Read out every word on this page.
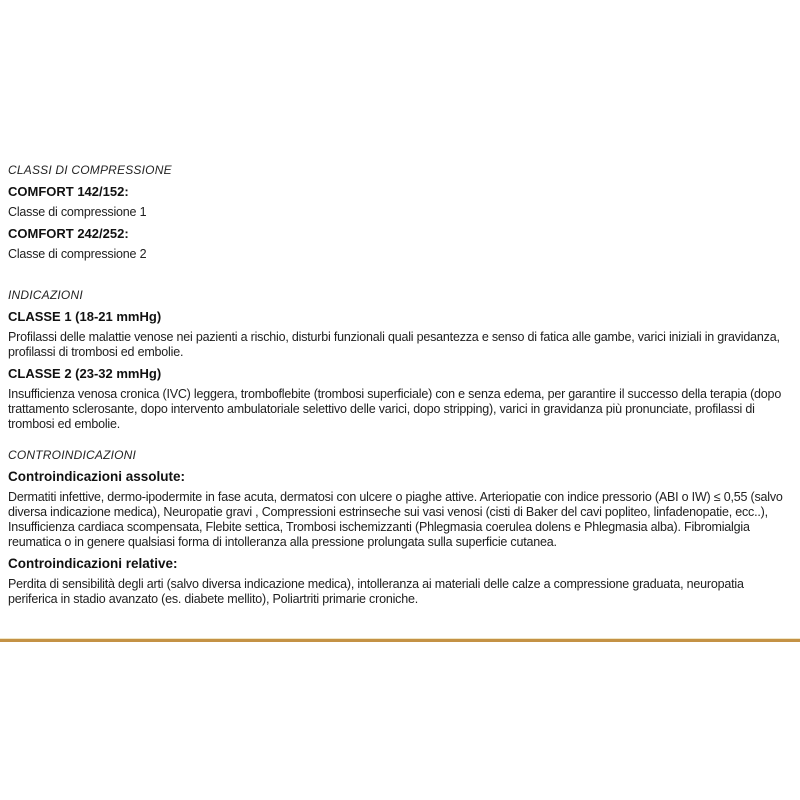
CLASSI DI COMPRESSIONE

COMFORT 142/152:

Classe di compressione 1

COMFORT 242/252:

Classe di compressione 2

INDICAZIONI

CLASSE 1 (18-21 mmHg)

Profilassi delle malattie venose nei pazienti a rischio, disturbi funzionali quali pesantezza e senso di fatica alle gambe, varici iniziali in gravidanza, profilassi di trombosi ed embolie.

CLASSE 2 (23-32 mmHg)

Insufficienza venosa cronica (IVC) leggera, tromboflebite (trombosi superficiale) con e senza edema, per garantire il successo della terapia (dopo trattamento sclerosante, dopo intervento ambulatoriale selettivo delle varici, dopo stripping), varici in gravidanza più pronunciate, profilassi di trombosi ed embolie.

CONTROINDICAZIONI

Controindicazioni assolute:

Dermatiti infettive, dermo-ipodermite in fase acuta, dermatosi con ulcere o piaghe attive. Arteriopatie con indice pressorio (ABI o IW) ≤ 0,55 (salvo diversa indicazione medica), Neuropatie gravi , Compressioni estrinseche sui vasi venosi (cisti di Baker del cavi popliteo, linfadenopatie, ecc..), Insufficienza cardiaca scompensata, Flebite settica, Trombosi ischemizzanti (Phlegmasia coerulea dolens e Phlegmasia alba). Fibromialgia reumatica o in genere qualsiasi forma di intolleranza alla pressione prolungata sulla superficie cutanea.

Controindicazioni relative:

Perdita di sensibilità degli arti (salvo diversa indicazione medica), intolleranza ai materiali delle calze a compressione graduata, neuropatia periferica in stadio avanzato (es. diabete mellito), Poliartriti primarie croniche.
